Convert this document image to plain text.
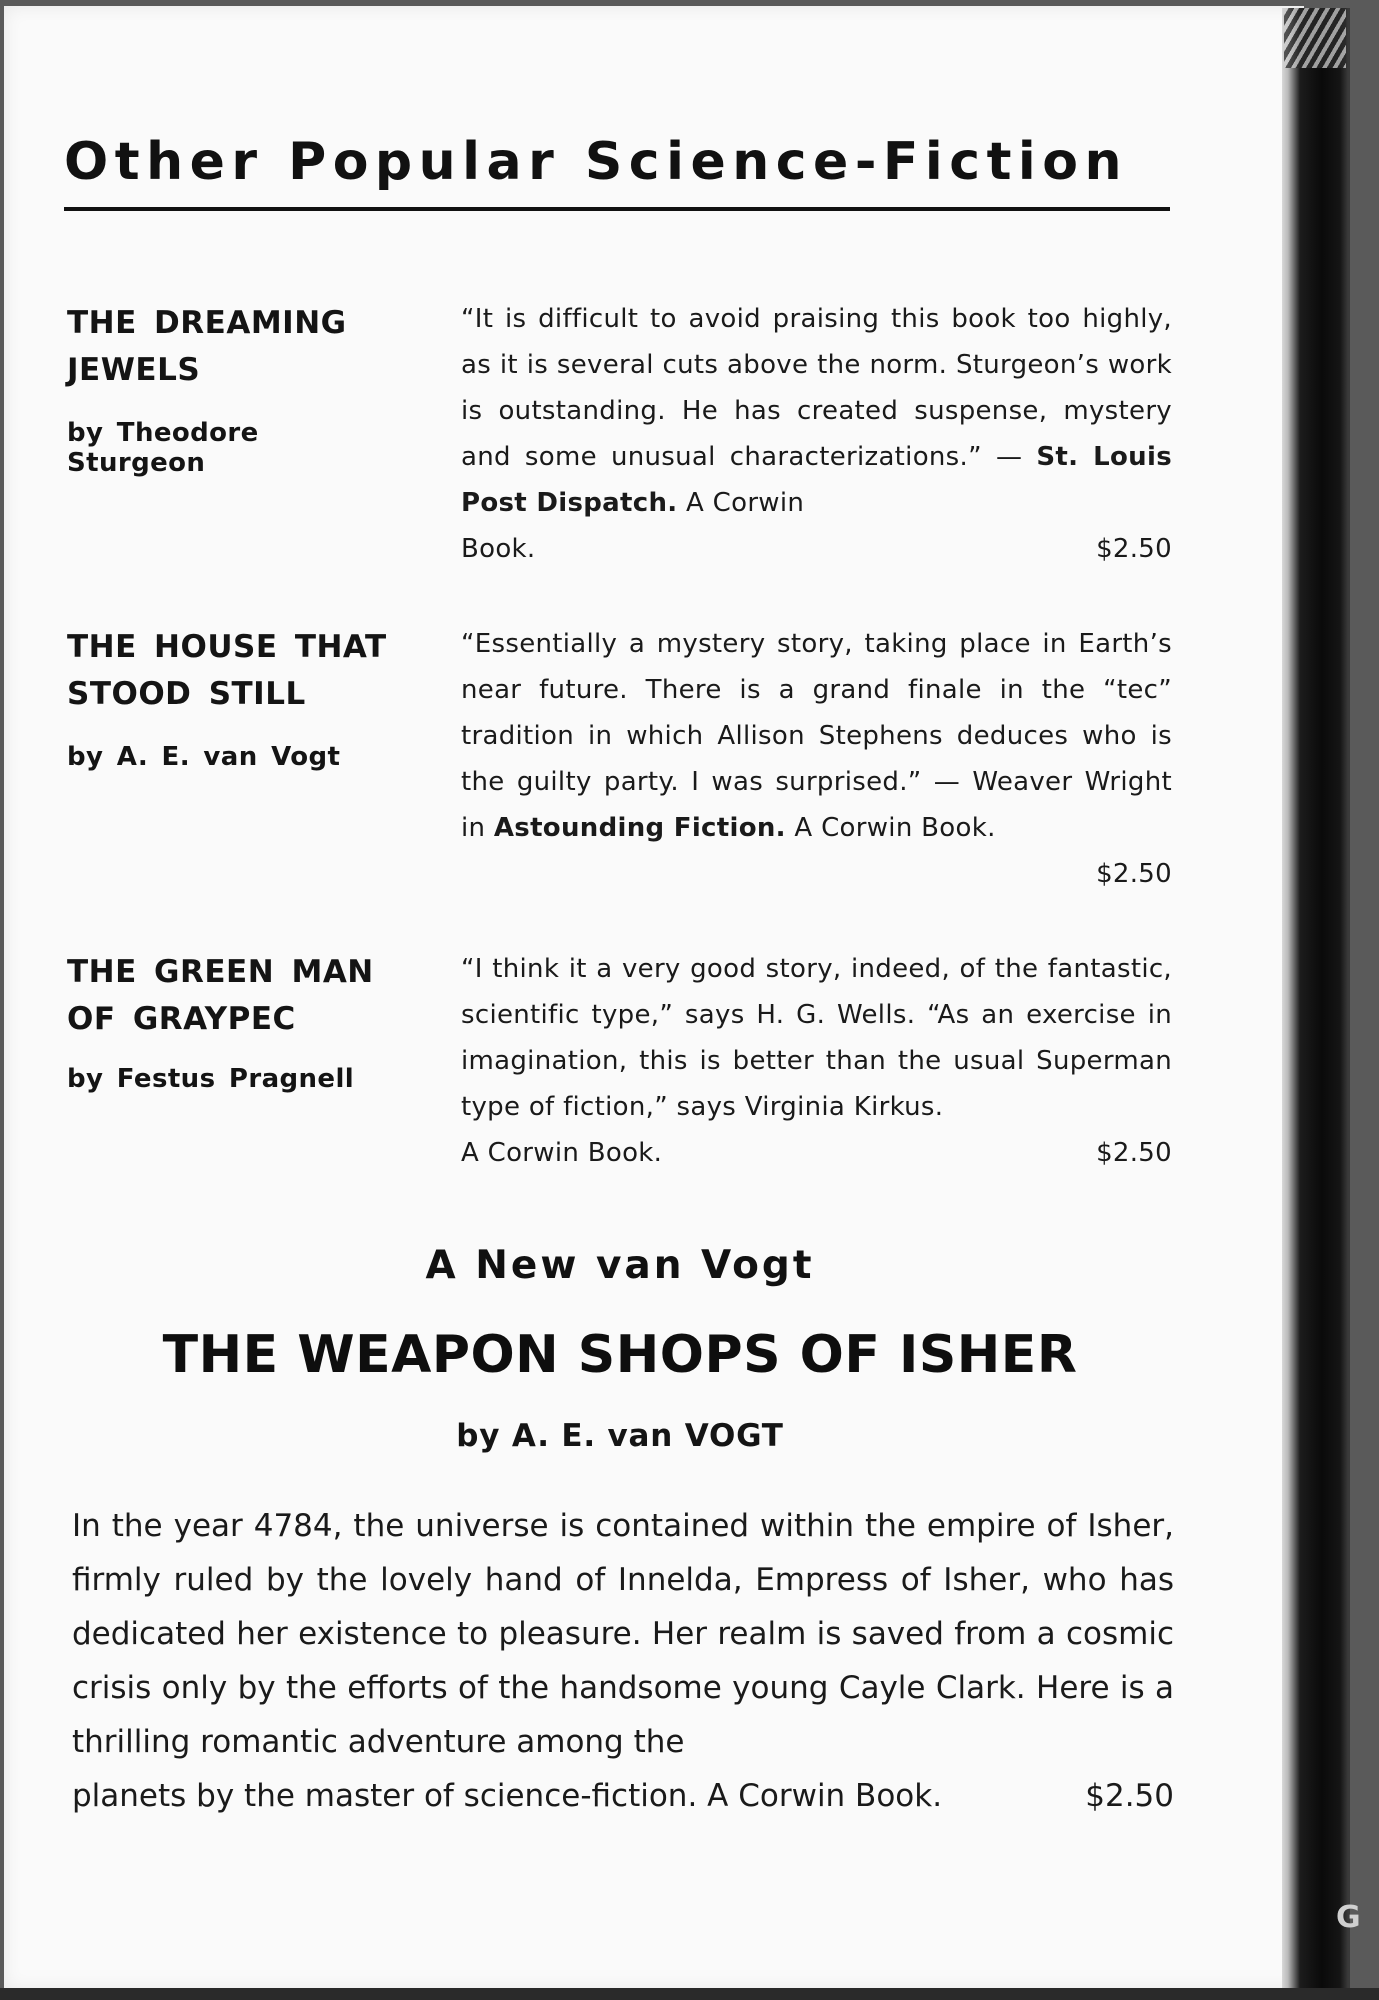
G
Other Popular Science-Fiction
THE DREAMING
JEWELS
by Theodore Sturgeon
“It is difficult to avoid praising this book too highly, as it is several cuts above the norm. Sturgeon’s work is outstanding. He has created suspense, mystery and some unusual characterizations.” — St. Louis Post Dispatch. A Corwin
Book.	$2.50
THE HOUSE THAT
STOOD STILL
by A. E. van Vogt
“Essentially a mystery story, taking place in Earth’s near future. There is a grand finale in the “tec” tradition in which Allison Stephens deduces who is the guilty party. I was surprised.” — Weaver Wright in Astounding Fiction. A Corwin Book.
$2.50
THE GREEN MAN
OF GRAYPEC
by Festus Pragnell
“I think it a very good story, indeed, of the fantastic, scientific type,” says H. G. Wells. “As an exercise in imagination, this is better than the usual Superman type of fiction,” says Virginia Kirkus.
A Corwin Book.	$2.50
A New van Vogt
THE WEAPON SHOPS OF ISHER
by A. E. van VOGT
In the year 4784, the universe is contained within the empire of Isher, firmly ruled by the lovely hand of Innelda, Empress of Isher, who has dedicated her existence to pleasure. Her realm is saved from a cosmic crisis only by the efforts of the handsome young Cayle Clark. Here is a thrilling romantic adventure among the
planets by the master of science-fiction. A Corwin Book.	$2.50
